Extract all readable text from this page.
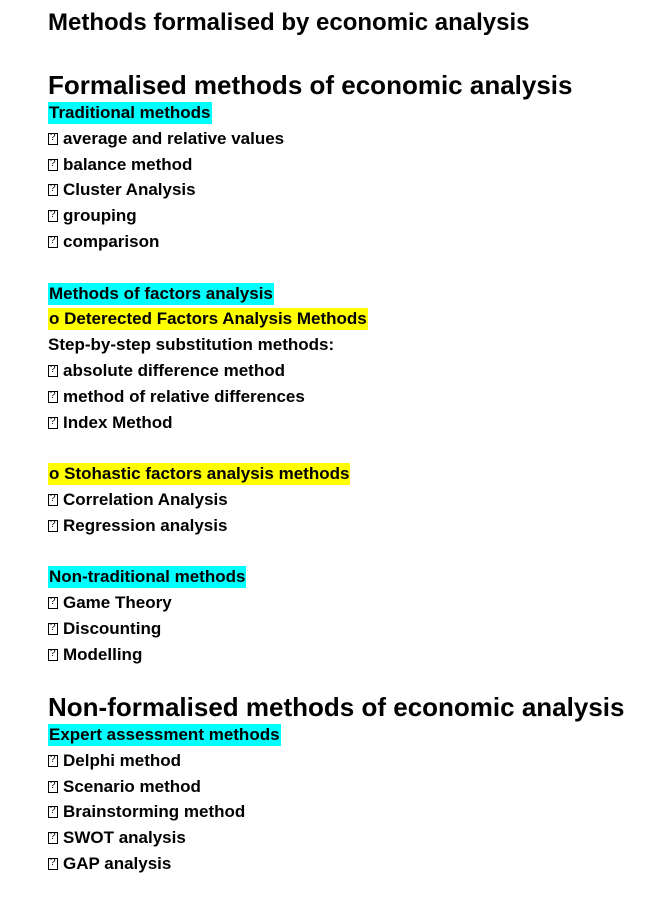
Methods formalised by economic analysis
Formalised methods of economic analysis
Traditional methods
?average and relative values
?balance method
?Cluster Analysis
?grouping
?comparison
Methods of factors analysis
o Deterected Factors Analysis Methods
Step-by-step substitution methods:
?absolute difference method
?method of relative differences
?Index Method
o Stohastic factors analysis methods
?Correlation Analysis
?Regression analysis
Non-traditional methods
?Game Theory
?Discounting
?Modelling
Non-formalised methods of economic analysis
Expert assessment methods
?Delphi method
?Scenario method
?Brainstorming method
?SWOT analysis
?GAP analysis
